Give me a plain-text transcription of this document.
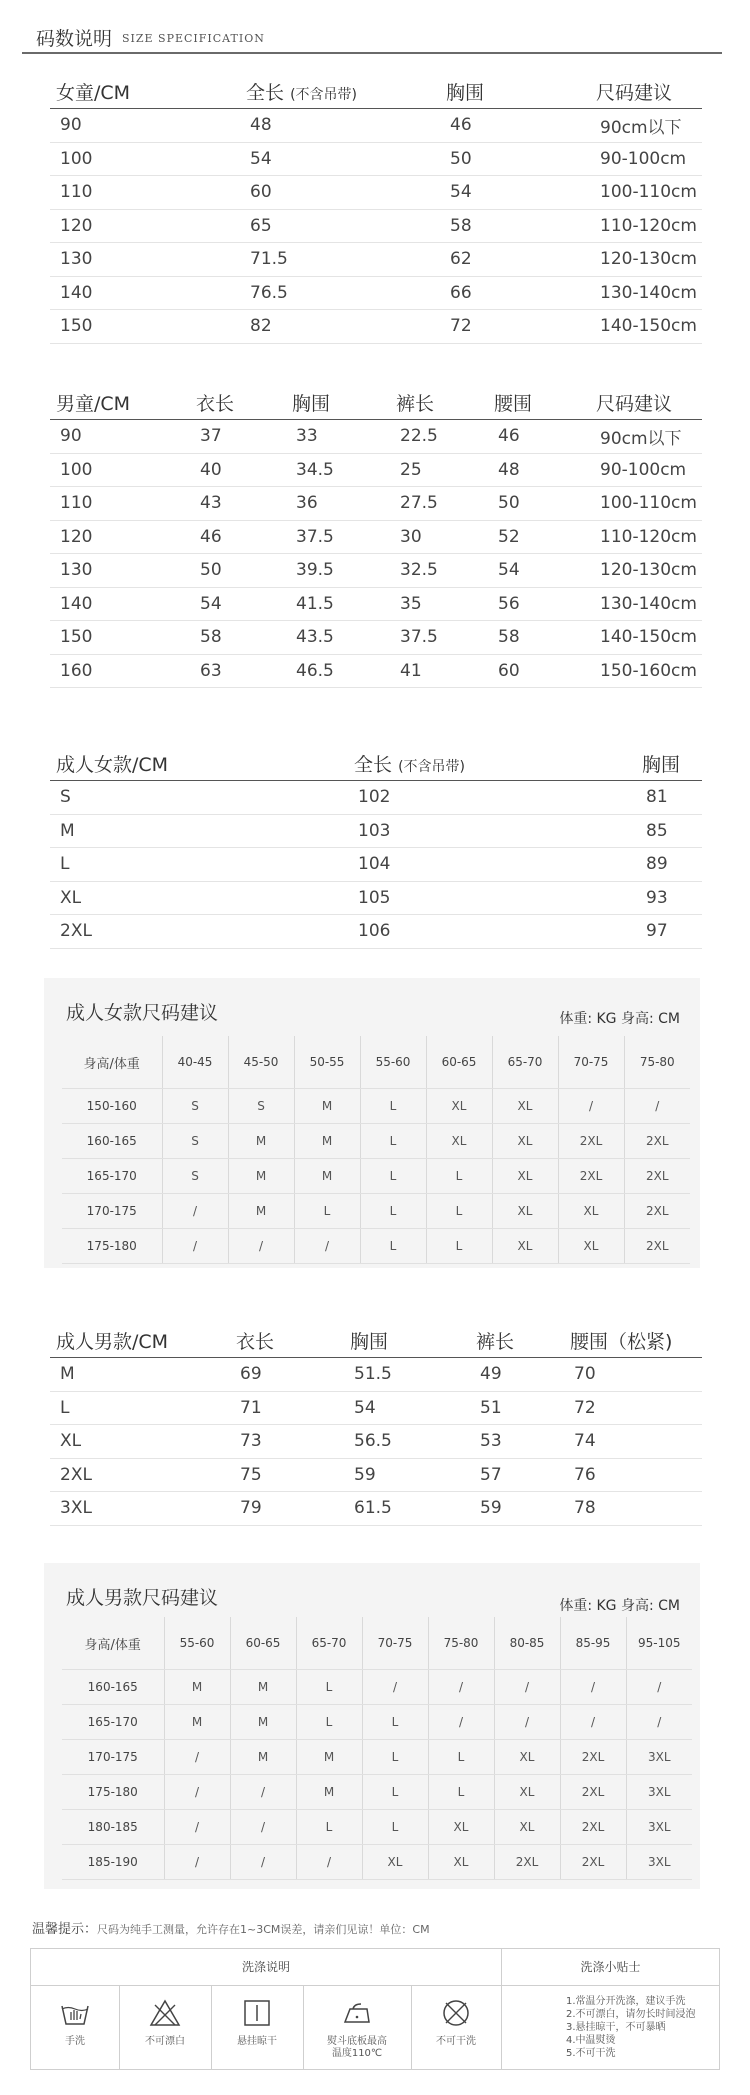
码数说明 SIZE SPECIFICATION
女童/CM	全长 (不含吊带)	胸围	尺码建议
90	48	46	90cm以下
100	54	50	90-100cm
110	60	54	100-110cm
120	65	58	110-120cm
130	71.5	62	120-130cm
140	76.5	66	130-140cm
150	82	72	140-150cm
男童/CM	衣长	胸围	裤长	腰围	尺码建议
90	37	33	22.5	46	90cm以下
100	40	34.5	25	48	90-100cm
110	43	36	27.5	50	100-110cm
120	46	37.5	30	52	110-120cm
130	50	39.5	32.5	54	120-130cm
140	54	41.5	35	56	130-140cm
150	58	43.5	37.5	58	140-150cm
160	63	46.5	41	60	150-160cm
成人女款/CM	全长 (不含吊带)	胸围
S	102	81
M	103	85
L	104	89
XL	105	93
2XL	106	97
成人女款尺码建议	体重: KG 身高: CM
身高/体重	40-45	45-50	50-55	55-60	60-65	65-70	70-75	75-80
150-160	S	S	M	L	XL	XL	/	/
160-165	S	M	M	L	XL	XL	2XL	2XL
165-170	S	M	M	L	L	XL	2XL	2XL
170-175	/	M	L	L	L	XL	XL	2XL
175-180	/	/	/	L	L	XL	XL	2XL
成人男款/CM	衣长	胸围	裤长	腰围（松紧)
M	69	51.5	49	70
L	71	54	51	72
XL	73	56.5	53	74
2XL	75	59	57	76
3XL	79	61.5	59	78
成人男款尺码建议	体重: KG 身高: CM
身高/体重	55-60	60-65	65-70	70-75	75-80	80-85	85-95	95-105
160-165	M	M	L	/	/	/	/	/
165-170	M	M	L	L	/	/	/	/
170-175	/	M	M	L	L	XL	2XL	3XL
175-180	/	/	M	L	L	XL	2XL	3XL
180-185	/	/	L	L	XL	XL	2XL	3XL
185-190	/	/	/	XL	XL	2XL	2XL	3XL
温馨提示：尺码为纯手工测量，允许存在1~3CM误差，请亲们见谅！单位：CM
洗涤说明	洗涤小贴士
手洗	不可漂白	悬挂晾干	熨斗底板最高
温度110℃
不可干洗
1.常温分开洗涤，建议手洗
2.不可漂白，请勿长时间浸泡
3.悬挂晾干，不可暴晒
4.中温熨烫
5.不可干洗
